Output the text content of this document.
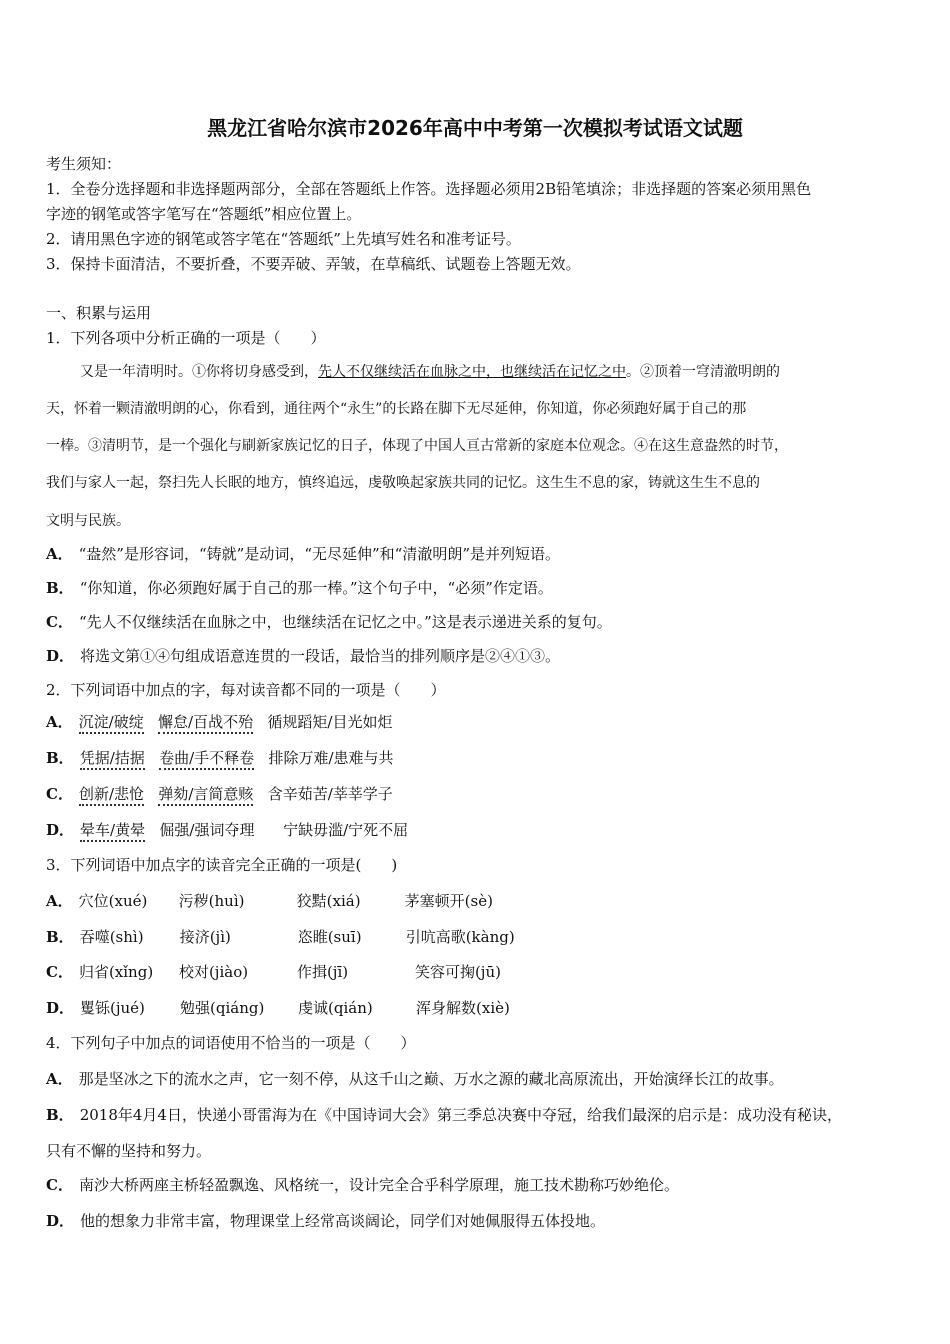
黑龙江省哈尔滨市2026年高中中考第一次模拟考试语文试题
考生须知：
1．全卷分选择题和非选择题两部分，全部在答题纸上作答。选择题必须用2B铅笔填涂；非选择题的答案必须用黑色
字迹的钢笔或答字笔写在“答题纸”相应位置上。
2．请用黑色字迹的钢笔或答字笔在“答题纸”上先填写姓名和准考证号。
3．保持卡面清洁，不要折叠，不要弄破、弄皱，在草稿纸、试题卷上答题无效。
一、积累与运用
1．下列各项中分析正确的一项是（　　）
又是一年清明时。①你将切身感受到，先人不仅继续活在血脉之中，也继续活在记忆之中。②顶着一穹清澈明朗的
天，怀着一颗清澈明朗的心，你看到，通往两个“永生”的长路在脚下无尽延伸，你知道，你必须跑好属于自己的那
一棒。③清明节，是一个强化与刷新家族记忆的日子，体现了中国人亘古常新的家庭本位观念。④在这生意盎然的时节，
我们与家人一起，祭扫先人长眠的地方，慎终追远，虔敬唤起家族共同的记忆。这生生不息的家，铸就这生生不息的
文明与民族。
A． “盎然”是形容词，“铸就”是动词，“无尽延伸”和“清澈明朗”是并列短语。
B． “你知道，你必须跑好属于自己的那一棒。”这个句子中，“必须”作定语。
C． “先人不仅继续活在血脉之中，也继续活在记忆之中。”这是表示递进关系的复句。
D． 将选文第①④句组成语意连贯的一段话，最恰当的排列顺序是②④①③。
2．下列词语中加点的字，每对读音都不同的一项是（　　）
A． 沉淀/破绽 懈怠/百战不殆 循规蹈矩/目光如炬
B． 凭据/拮据 卷曲/手不释卷 排除万难/患难与共
C． 创新/悲怆 弹劾/言简意赅 含辛茹苦/莘莘学子
D． 晕车/黄晕 倔强/强词夺理 宁缺毋滥/宁死不屈
3．下列词语中加点字的读音完全正确的一项是(　　)
A． 穴位(xué) 污秽(huì)	狡黠(xiá)	茅塞顿开(sè)
B． 吞噬(shì) 接济(jì)	恣睢(suī)	引吭高歌(kàng)
C． 归省(xǐng) 校对(jiào)	作揖(jī)	笑容可掬(jū)
D． 矍铄(jué) 勉强(qiáng) 虔诚(qián)	浑身解数(xiè)
4．下列句子中加点的词语使用不恰当的一项是（　　）
A． 那是坚冰之下的流水之声，它一刻不停，从这千山之巅、万水之源的藏北高原流出，开始演绎长江的故事。
B． 2018年4月4日，快递小哥雷海为在《中国诗词大会》第三季总决赛中夺冠，给我们最深的启示是：成功没有秘诀，
只有不懈的坚持和努力。
C． 南沙大桥两座主桥轻盈飘逸、风格统一，设计完全合乎科学原理，施工技术勘称巧妙绝伦。
D． 他的想象力非常丰富，物理课堂上经常高谈阔论，同学们对她佩服得五体投地。
